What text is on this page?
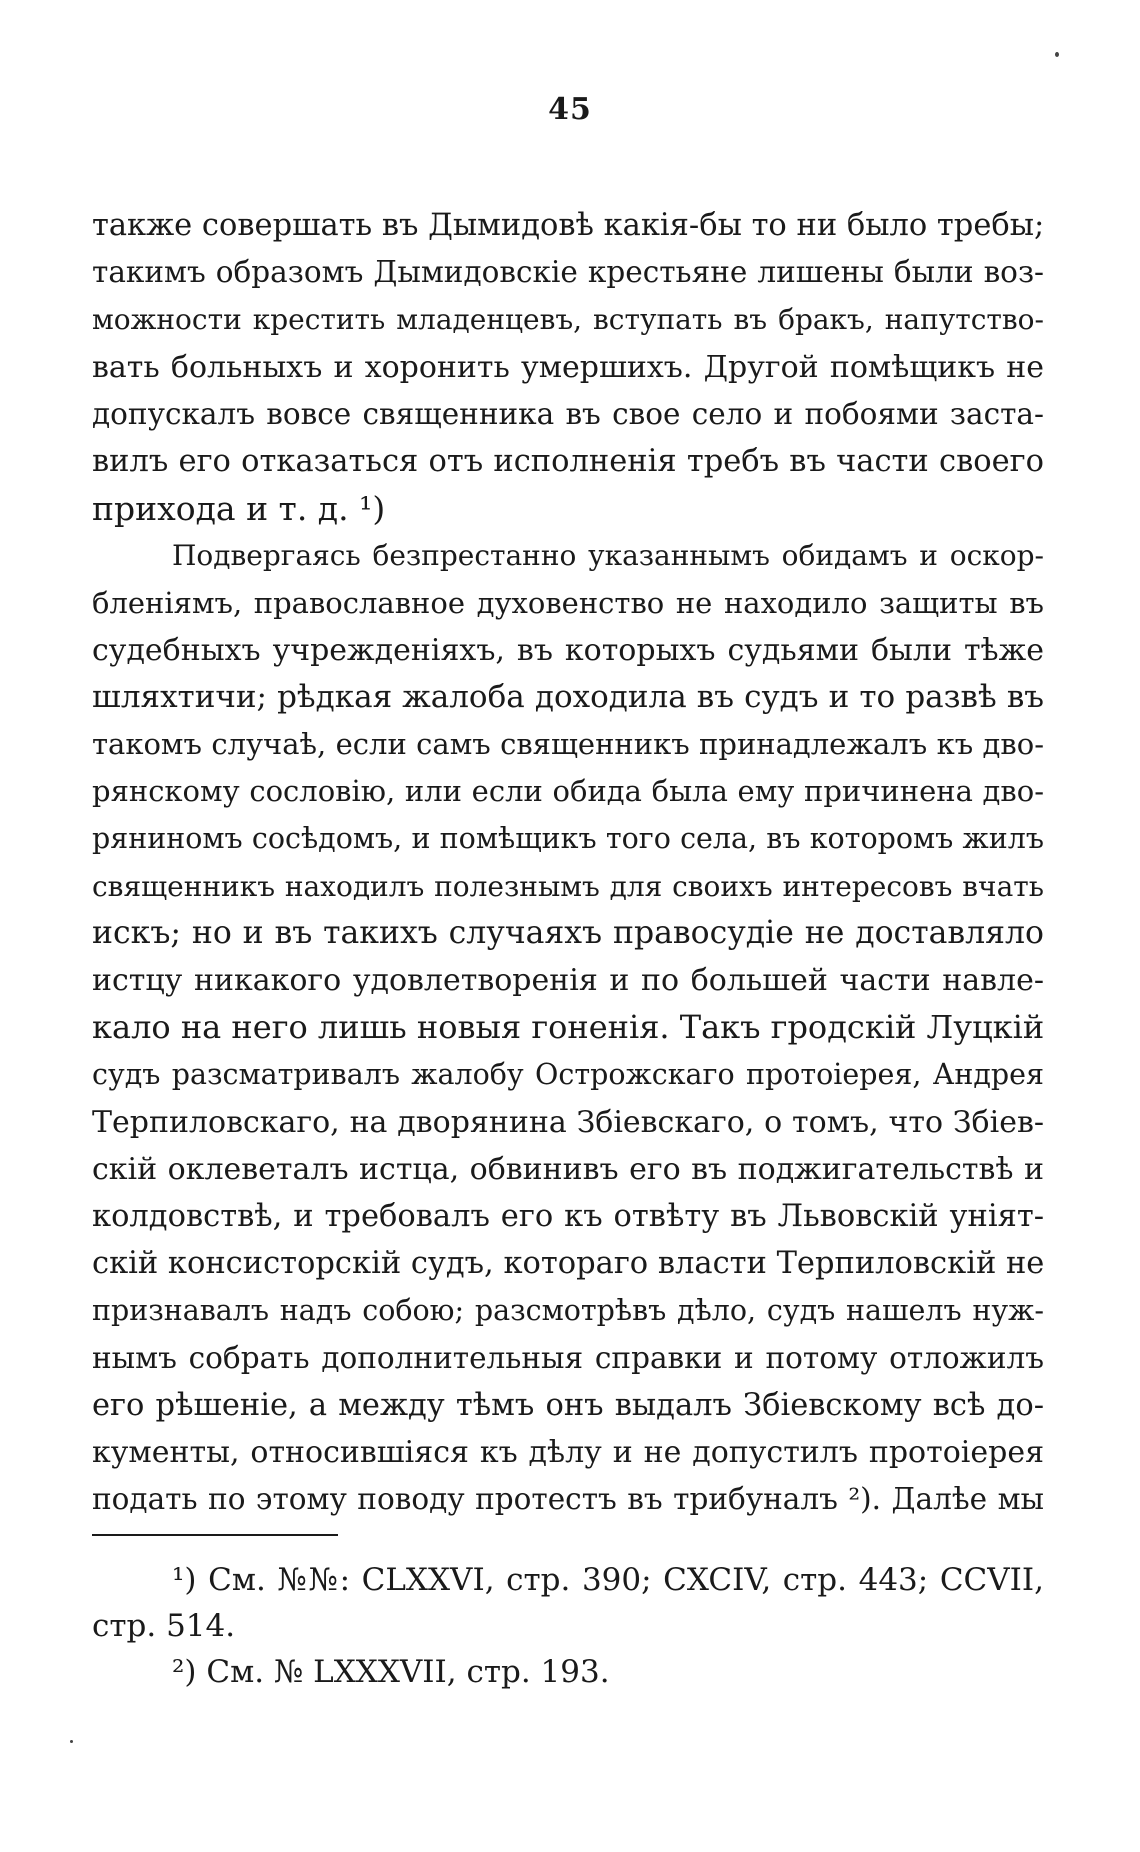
45
также совершать въ Дымидовѣ какія-бы то ни было требы;
такимъ образомъ Дымидовскіе крестьяне лишены были воз-
можности крестить младенцевъ, вступать въ бракъ, напутство-
вать больныхъ и хоронить умершихъ. Другой помѣщикъ не
допускалъ вовсе священника въ свое село и побоями заста-
вилъ его отказаться отъ исполненія требъ въ части своего
прихода и т. д. ¹)
Подвергаясь безпрестанно указаннымъ обидамъ и оскор-
бленіямъ, православное духовенство не находило защиты въ
судебныхъ учрежденіяхъ, въ которыхъ судьями были тѣже
шляхтичи; рѣдкая жалоба доходила въ судъ и то развѣ въ
такомъ случаѣ, если самъ священникъ принадлежалъ къ дво-
рянскому сословію, или если обида была ему причинена дво-
ряниномъ сосѣдомъ, и помѣщикъ того села, въ которомъ жилъ
священникъ находилъ полезнымъ для своихъ интересовъ вчать
искъ; но и въ такихъ случаяхъ правосудіе не доставляло
истцу никакого удовлетворенія и по большей части навле-
кало на него лишь новыя гоненія. Такъ гродскій Луцкій
судъ разсматривалъ жалобу Острожскаго протоіерея, Андрея
Терпиловскаго, на дворянина Збіевскаго, о томъ, что Збіев-
скій оклеветалъ истца, обвинивъ его въ поджигательствѣ и
колдовствѣ, и требовалъ его къ отвѣту въ Львовскій уніят-
скій консисторскій судъ, котораго власти Терпиловскій не
признавалъ надъ собою; разсмотрѣвъ дѣло, судъ нашелъ нуж-
нымъ собрать дополнительныя справки и потому отложилъ
его рѣшеніе, а между тѣмъ онъ выдалъ Збіевскому всѣ до-
кументы, относившіяся къ дѣлу и не допустилъ протоіерея
подать по этому поводу протестъ въ трибуналъ ²). Далѣе мы
¹) См. №№: CLXXVI, стр. 390; CXCIV, стр. 443; CCVII,
стр. 514.
²) См. № LXXXVII, стр. 193.
